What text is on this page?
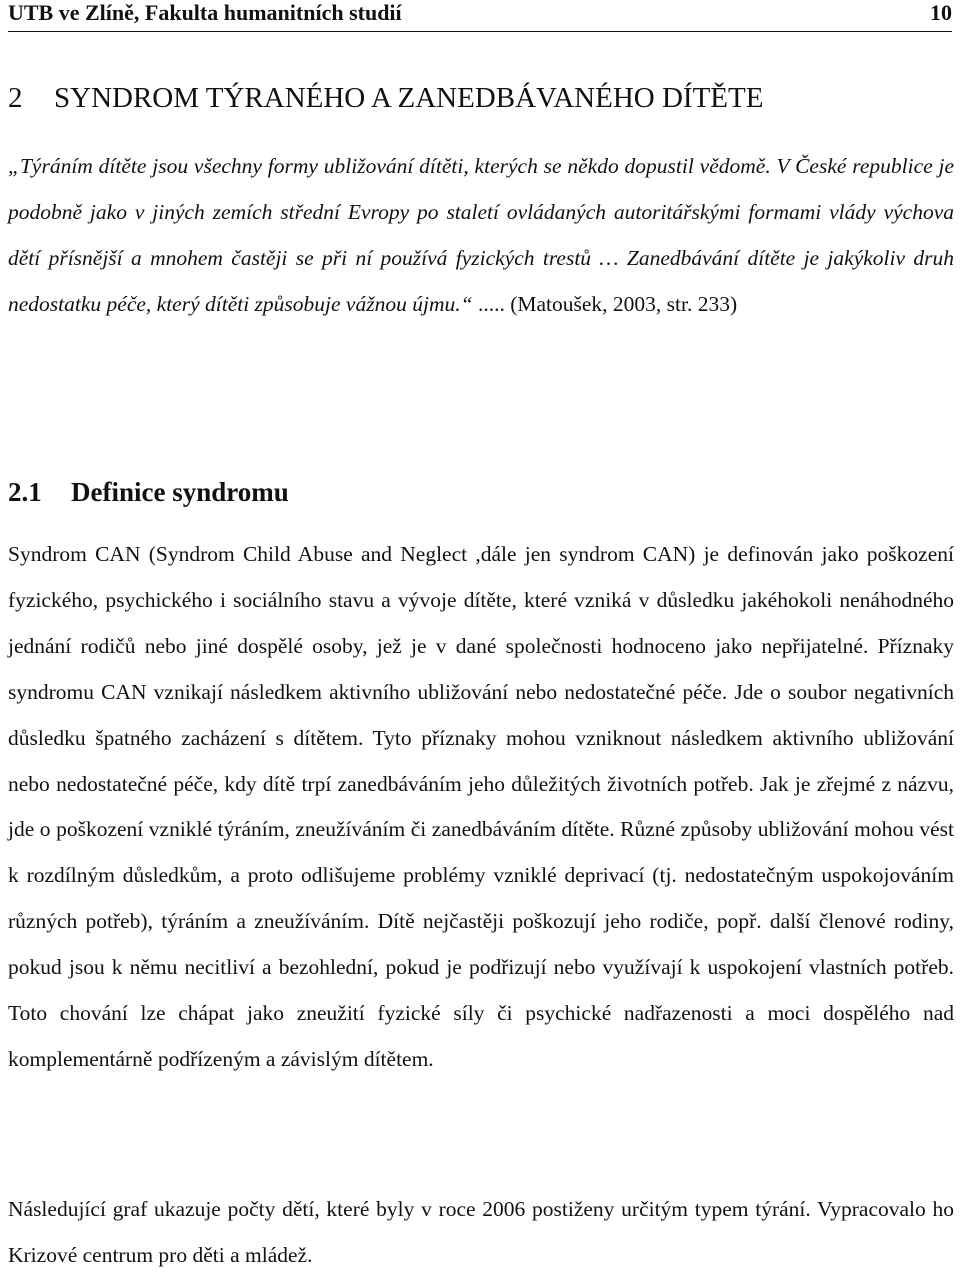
UTB ve Zlíně, Fakulta humanitních studií	10
2 SYNDROM TÝRANÉHO A ZANEDBÁVANÉHO DÍTĚTE
„Týráním dítěte jsou všechny formy ubližování dítěti, kterých se někdo dopustil vědomě. V České republice je podobně jako v jiných zemích střední Evropy po staletí ovládaných autoritářskými formami vlády výchova dětí přísnější a mnohem častěji se při ní používá fyzických trestů … Zanedbávání dítěte je jakýkoliv druh nedostatku péče, který dítěti způsobuje vážnou újmu.“ ..... (Matoušek, 2003, str. 233)
2.1 Definice syndromu
Syndrom CAN (Syndrom Child Abuse and Neglect ,dále jen syndrom CAN) je definován jako poškození fyzického, psychického i sociálního stavu a vývoje dítěte, které vzniká v důsledku jakéhokoli nenáhodného jednání rodičů nebo jiné dospělé osoby, jež je v dané společnosti hodnoceno jako nepřijatelné. Příznaky syndromu CAN vznikají následkem aktivního ubližování nebo nedostatečné péče. Jde o soubor negativních důsledku špatného zacházení s dítětem. Tyto příznaky mohou vzniknout následkem aktivního ubližování nebo nedostatečné péče, kdy dítě trpí zanedbáváním jeho důležitých životních potřeb. Jak je zřejmé z názvu, jde o poškození vzniklé týráním, zneužíváním či zanedbáváním dítěte. Různé způsoby ubližování mohou vést k rozdílným důsledkům, a proto odlišujeme problémy vzniklé deprivací (tj. nedostatečným uspokojováním různých potřeb), týráním a zneužíváním. Dítě nejčastěji poškozují jeho rodiče, popř. další členové rodiny, pokud jsou k němu necitliví a bezohlední, pokud je podřizují nebo využívají k uspokojení vlastních potřeb. Toto chování lze chápat jako zneužití fyzické síly či psychické nadřazenosti a moci dospělého nad komplementárně podřízeným a závislým dítětem.
Následující graf ukazuje počty dětí, které byly v roce 2006 postiženy určitým typem týrání. Vypracovalo ho Krizové centrum pro děti a mládež.
